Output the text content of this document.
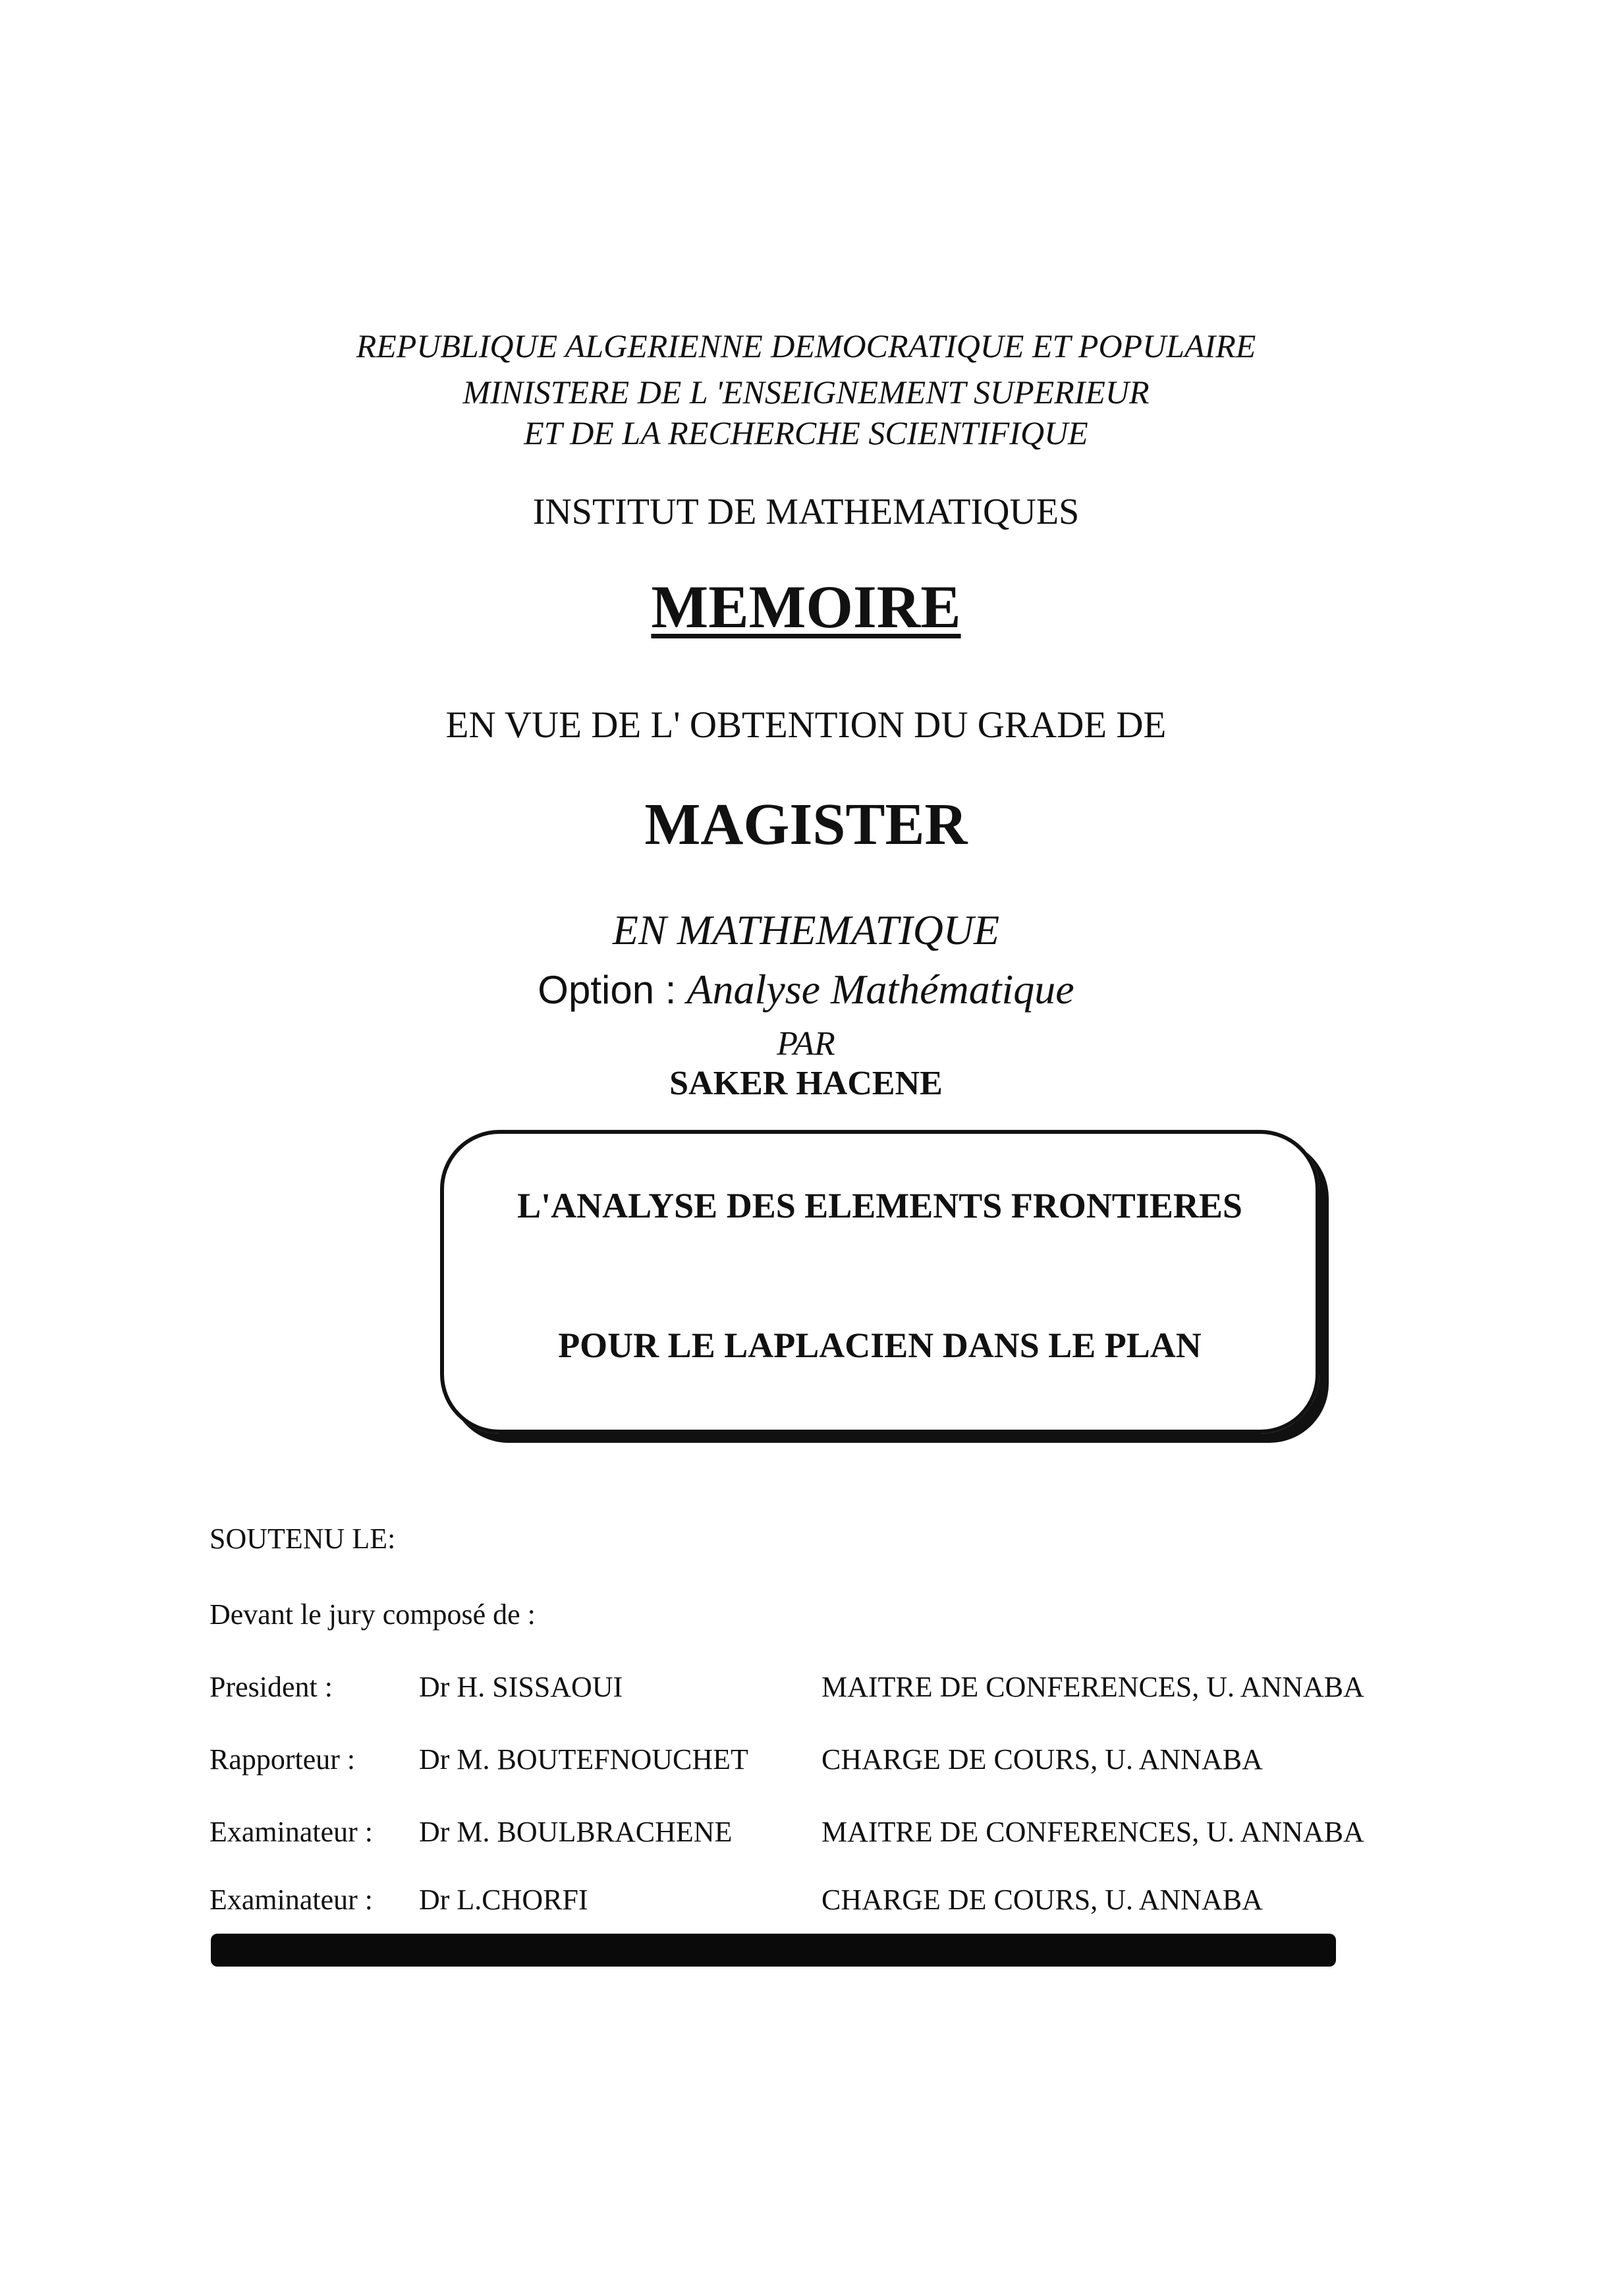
REPUBLIQUE ALGERIENNE DEMOCRATIQUE ET POPULAIRE
MINISTERE DE L 'ENSEIGNEMENT SUPERIEUR
ET DE LA RECHERCHE SCIENTIFIQUE
INSTITUT DE MATHEMATIQUES
MEMOIRE
EN VUE DE L' OBTENTION DU GRADE DE
MAGISTER
EN MATHEMATIQUE
Option : Analyse Mathématique
PAR
SAKER HACENE
L'ANALYSE DES ELEMENTS FRONTIERES
POUR LE LAPLACIEN DANS LE PLAN
SOUTENU LE:
Devant le jury composé de :
President :	Dr H. SISSAOUI	MAITRE DE CONFERENCES, U. ANNABA
Rapporteur : Dr M. BOUTEFNOUCHET	CHARGE DE COURS, U. ANNABA
Examinateur : Dr M. BOULBRACHENE	MAITRE DE CONFERENCES, U. ANNABA
Examinateur : Dr L.CHORFI	CHARGE DE COURS, U. ANNABA
